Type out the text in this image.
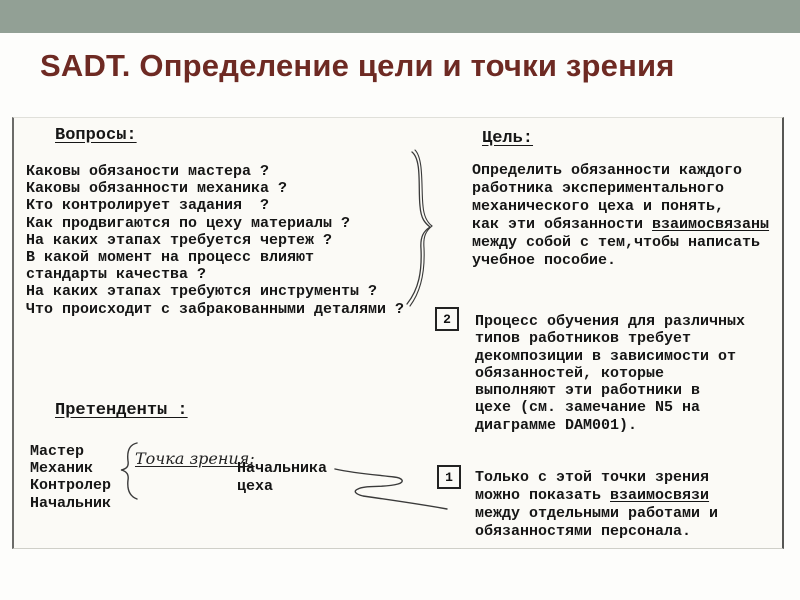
SADT. Определение цели и точки зрения
Вопросы:
Каковы обязаности мастера ?
Каковы обязанности механика ?
Кто контролирует задания  ?
Как продвигаются по цеху материалы ?
На каких этапах требуется чертеж ?
В какой момент на процесс влияют
стандарты качества ?
На каких этапах требуются инструменты ?
Что происходит с забракованными деталями ?
Цель:
Определить обязанности каждого
работника экспериментального
механического цеха и понять,
как эти обязанности взаимосвязаны
между собой с тем,чтобы написать
учебное пособие.
2 Процесс обучения для различных
типов работников требует
декомпозиции в зависимости от
обязанностей, которые
выполняют эти работники в
цехе (см. замечание N5 на
диаграмме DAM001).
Претенденты :
Мастер
Механик
Контролер
Начальник
Точка зрения:
Начальника
цеха
1 Только с этой точки зрения
можно показать взаимосвязи
между отдельными работами и
обязанностями персонала.
